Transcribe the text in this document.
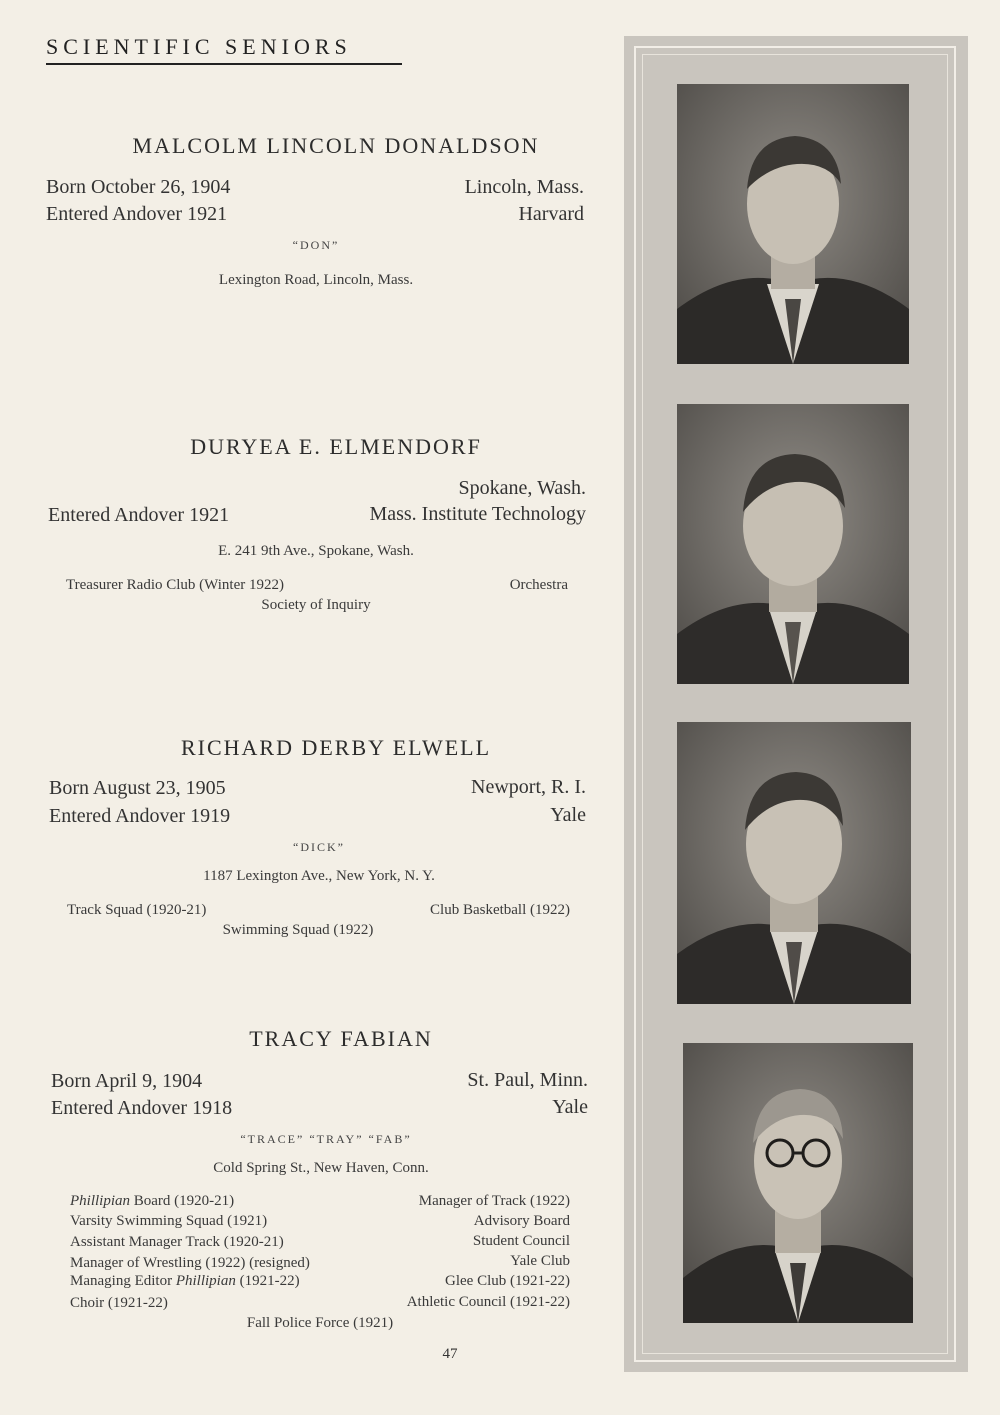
SCIENTIFIC SENIORS
MALCOLM LINCOLN DONALDSON
Born October 26, 1904	Lincoln, Mass.
Entered Andover 1921	Harvard
“DON”
Lexington Road, Lincoln, Mass.
DURYEA E. ELMENDORF
Spokane, Wash.
Entered Andover 1921	Mass. Institute Technology
E. 241 9th Ave., Spokane, Wash.
Treasurer Radio Club (Winter 1922)	Orchestra
Society of Inquiry
RICHARD DERBY ELWELL
Born August 23, 1905	Newport, R. I.
Entered Andover 1919	Yale
“DICK”
1187 Lexington Ave., New York, N. Y.
Track Squad (1920-21)	Club Basketball (1922)
Swimming Squad (1922)
TRACY FABIAN
Born April 9, 1904	St. Paul, Minn.
Entered Andover 1918	Yale
“TRACE” “TRAY” “FAB”
Cold Spring St., New Haven, Conn.
Phillipian Board (1920-21)	Manager of Track (1922)
Varsity Swimming Squad (1921)	Advisory Board
Assistant Manager Track (1920-21)	Student Council
Manager of Wrestling (1922) (resigned)	Yale Club
Managing Editor Phillipian (1921-22)	Glee Club (1921-22)
Choir (1921-22)	Athletic Council (1921-22)
Fall Police Force (1921)
47
